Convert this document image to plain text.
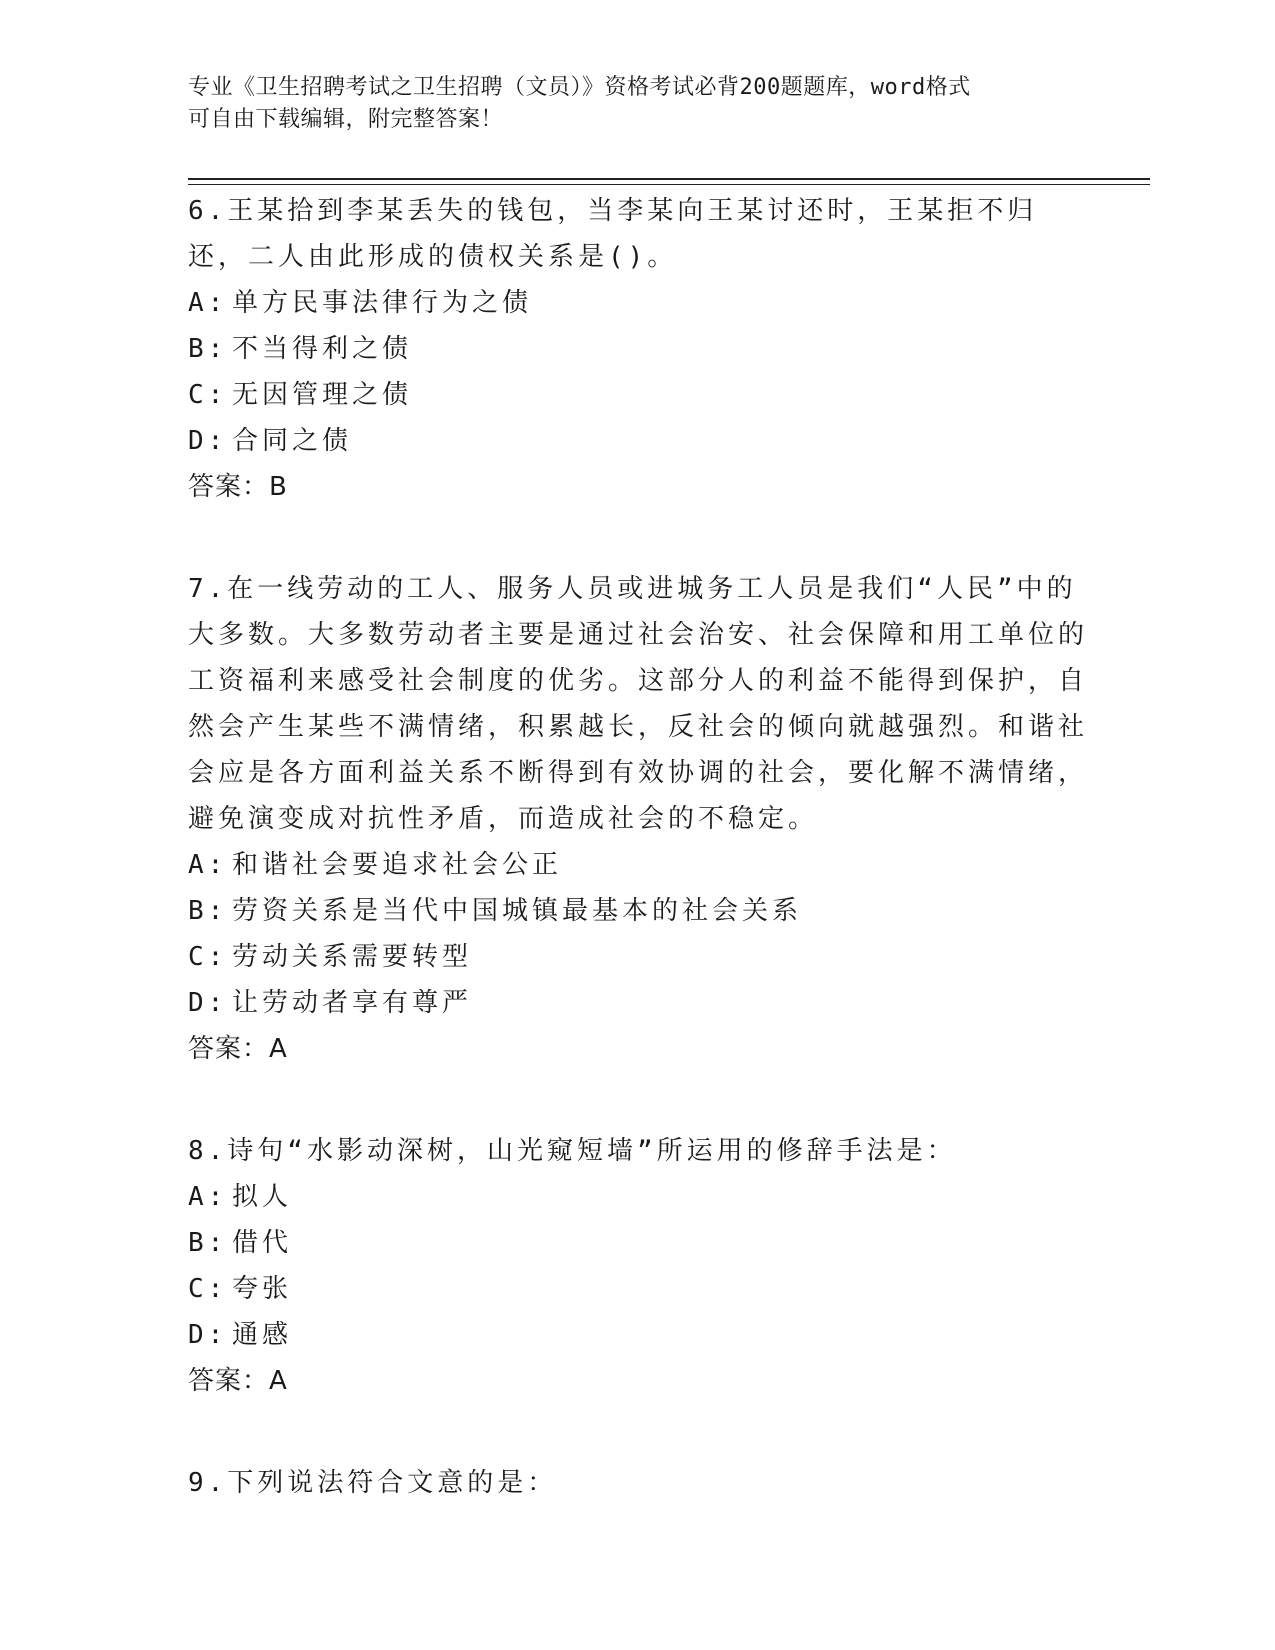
专业《卫生招聘考试之卫生招聘（文员）》资格考试必背200题题库，word格式
可自由下载编辑，附完整答案！

6.王某拾到李某丢失的钱包，当李某向王某讨还时，王某拒不归还，二人由此形成的债权关系是()。

A: 单方民事法律行为之债
B: 不当得利之债
C: 无因管理之债
D: 合同之债

答案：B

7.在一线劳动的工人、服务人员或进城务工人员是我们“人民”中的大多数。大多数劳动者主要是通过社会治安、社会保障和用工单位的工资福利来感受社会制度的优劣。这部分人的利益不能得到保护，自然会产生某些不满情绪，积累越长，反社会的倾向就越强烈。和谐社会应是各方面利益关系不断得到有效协调的社会，要化解不满情绪，避免演变成对抗性矛盾，而造成社会的不稳定。

A: 和谐社会要追求社会公正
B: 劳资关系是当代中国城镇最基本的社会关系
C: 劳动关系需要转型
D: 让劳动者享有尊严

答案：A

8.诗句“水影动深树，山光窥短墙”所运用的修辞手法是：

A: 拟人
B: 借代
C: 夸张
D: 通感

答案：A

9.下列说法符合文意的是：
